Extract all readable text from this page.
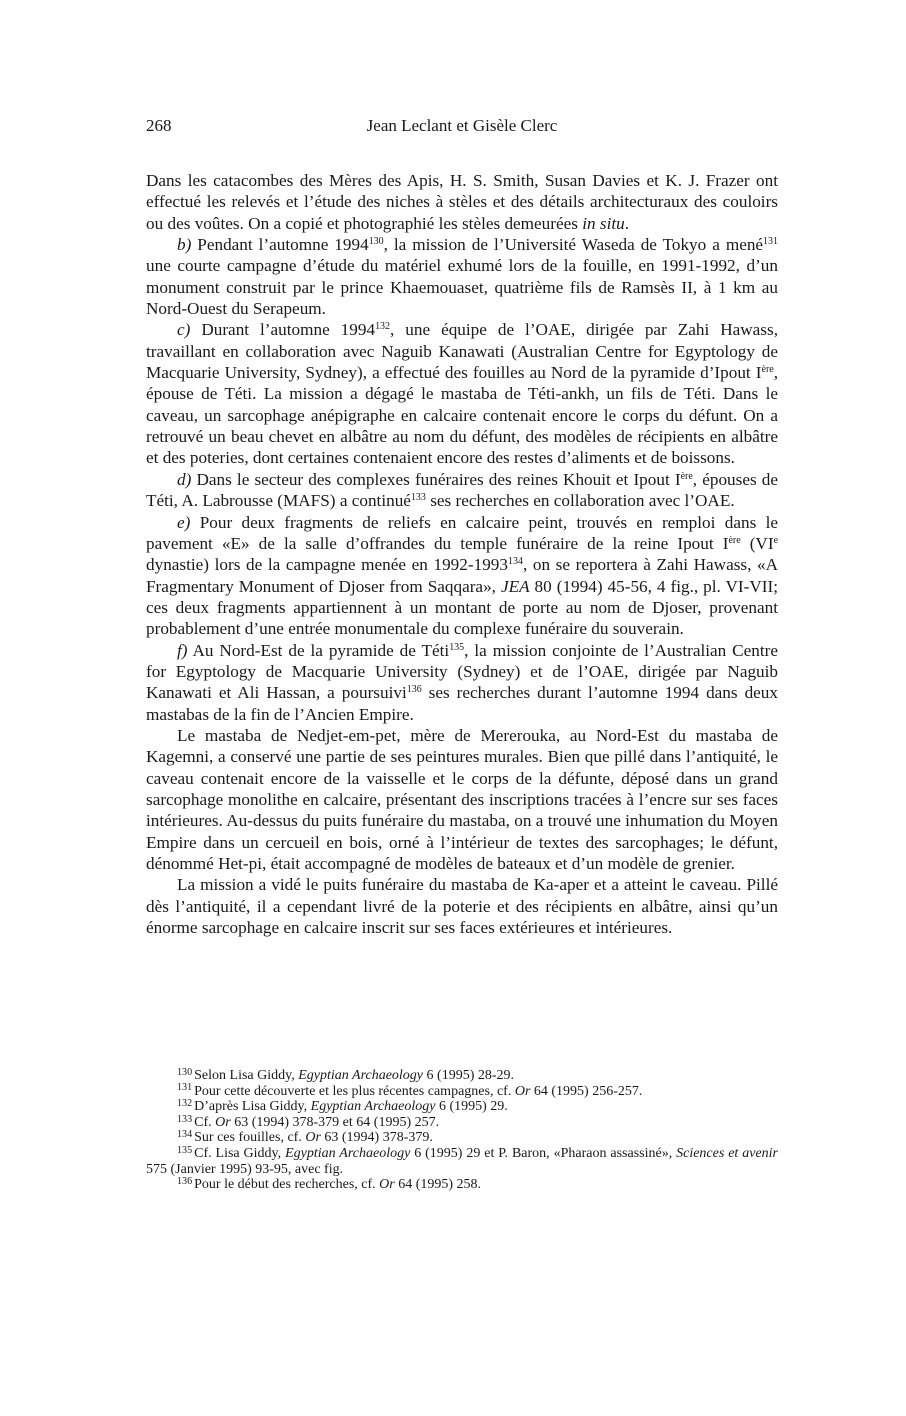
268	Jean Leclant et Gisèle Clerc

Dans les catacombes des Mères des Apis, H. S. Smith, Susan Davies et K. J. Frazer ont effectué les relevés et l’étude des niches à stèles et des détails architecturaux des couloirs ou des voûtes. On a copié et photographié les stèles demeurées in situ.

b) Pendant l’automne 1994$^{130}$, la mission de l’Université Waseda de Tokyo a mené$^{131}$ une courte campagne d’étude du matériel exhumé lors de la fouille, en 1991-1992, d’un monument construit par le prince Khaemouaset, quatrième fils de Ramsès II, à 1 km au Nord-Ouest du Serapeum.

c) Durant l’automne 1994$^{132}$, une équipe de l’OAE, dirigée par Zahi Hawass, travaillant en collaboration avec Naguib Kanawati (Australian Centre for Egyptology de Macquarie University, Sydney), a effectué des fouilles au Nord de la pyramide d’Ipout Ière, épouse de Téti. La mission a dégagé le mastaba de Téti-ankh, un fils de Téti. Dans le caveau, un sarcophage anépigraphe en calcaire contenait encore le corps du défunt. On a retrouvé un beau chevet en albâtre au nom du défunt, des modèles de récipients en albâtre et des poteries, dont certaines contenaient encore des restes d’aliments et de boissons.

d) Dans le secteur des complexes funéraires des reines Khouit et Ipout Ière, épouses de Téti, A. Labrousse (MAFS) a continué$^{133}$ ses recherches en collaboration avec l’OAE.

e) Pour deux fragments de reliefs en calcaire peint, trouvés en remploi dans le pavement «E» de la salle d’offrandes du temple funéraire de la reine Ipout Ière (VIe dynastie) lors de la campagne menée en 1992-1993$^{134}$, on se reportera à Zahi Hawass, «A Fragmentary Monument of Djoser from Saqqara», JEA 80 (1994) 45-56, 4 fig., pl. VI-VII; ces deux fragments appartiennent à un montant de porte au nom de Djoser, provenant probablement d’une entrée monumentale du complexe funéraire du souverain.

f) Au Nord-Est de la pyramide de Téti$^{135}$, la mission conjointe de l’Australian Centre for Egyptology de Macquarie University (Sydney) et de l’OAE, dirigée par Naguib Kanawati et Ali Hassan, a poursuivi$^{136}$ ses recherches durant l’automne 1994 dans deux mastabas de la fin de l’Ancien Empire.

Le mastaba de Nedjet-em-pet, mère de Mererouka, au Nord-Est du mastaba de Kagemni, a conservé une partie de ses peintures murales. Bien que pillé dans l’antiquité, le caveau contenait encore de la vaisselle et le corps de la défunte, déposé dans un grand sarcophage monolithe en calcaire, présentant des inscriptions tracées à l’encre sur ses faces intérieures. Au-dessus du puits funéraire du mastaba, on a trouvé une inhumation du Moyen Empire dans un cercueil en bois, orné à l’intérieur de textes des sarcophages; le défunt, dénommé Het-pi, était accompagné de modèles de bateaux et d’un modèle de grenier.

La mission a vidé le puits funéraire du mastaba de Ka-aper et a atteint le caveau. Pillé dès l’antiquité, il a cependant livré de la poterie et des récipients en albâtre, ainsi qu’un énorme sarcophage en calcaire inscrit sur ses faces extérieures et intérieures.

$^{130}$ Selon Lisa Giddy, Egyptian Archaeology 6 (1995) 28-29.

$^{131}$ Pour cette découverte et les plus récentes campagnes, cf. Or 64 (1995) 256-257.

$^{132}$ D’après Lisa Giddy, Egyptian Archaeology 6 (1995) 29.

$^{133}$ Cf. Or 63 (1994) 378-379 et 64 (1995) 257.

$^{134}$ Sur ces fouilles, cf. Or 63 (1994) 378-379.

$^{135}$ Cf. Lisa Giddy, Egyptian Archaeology 6 (1995) 29 et P. Baron, «Pharaon assassiné», Sciences et avenir 575 (Janvier 1995) 93-95, avec fig.

$^{136}$ Pour le début des recherches, cf. Or 64 (1995) 258.
